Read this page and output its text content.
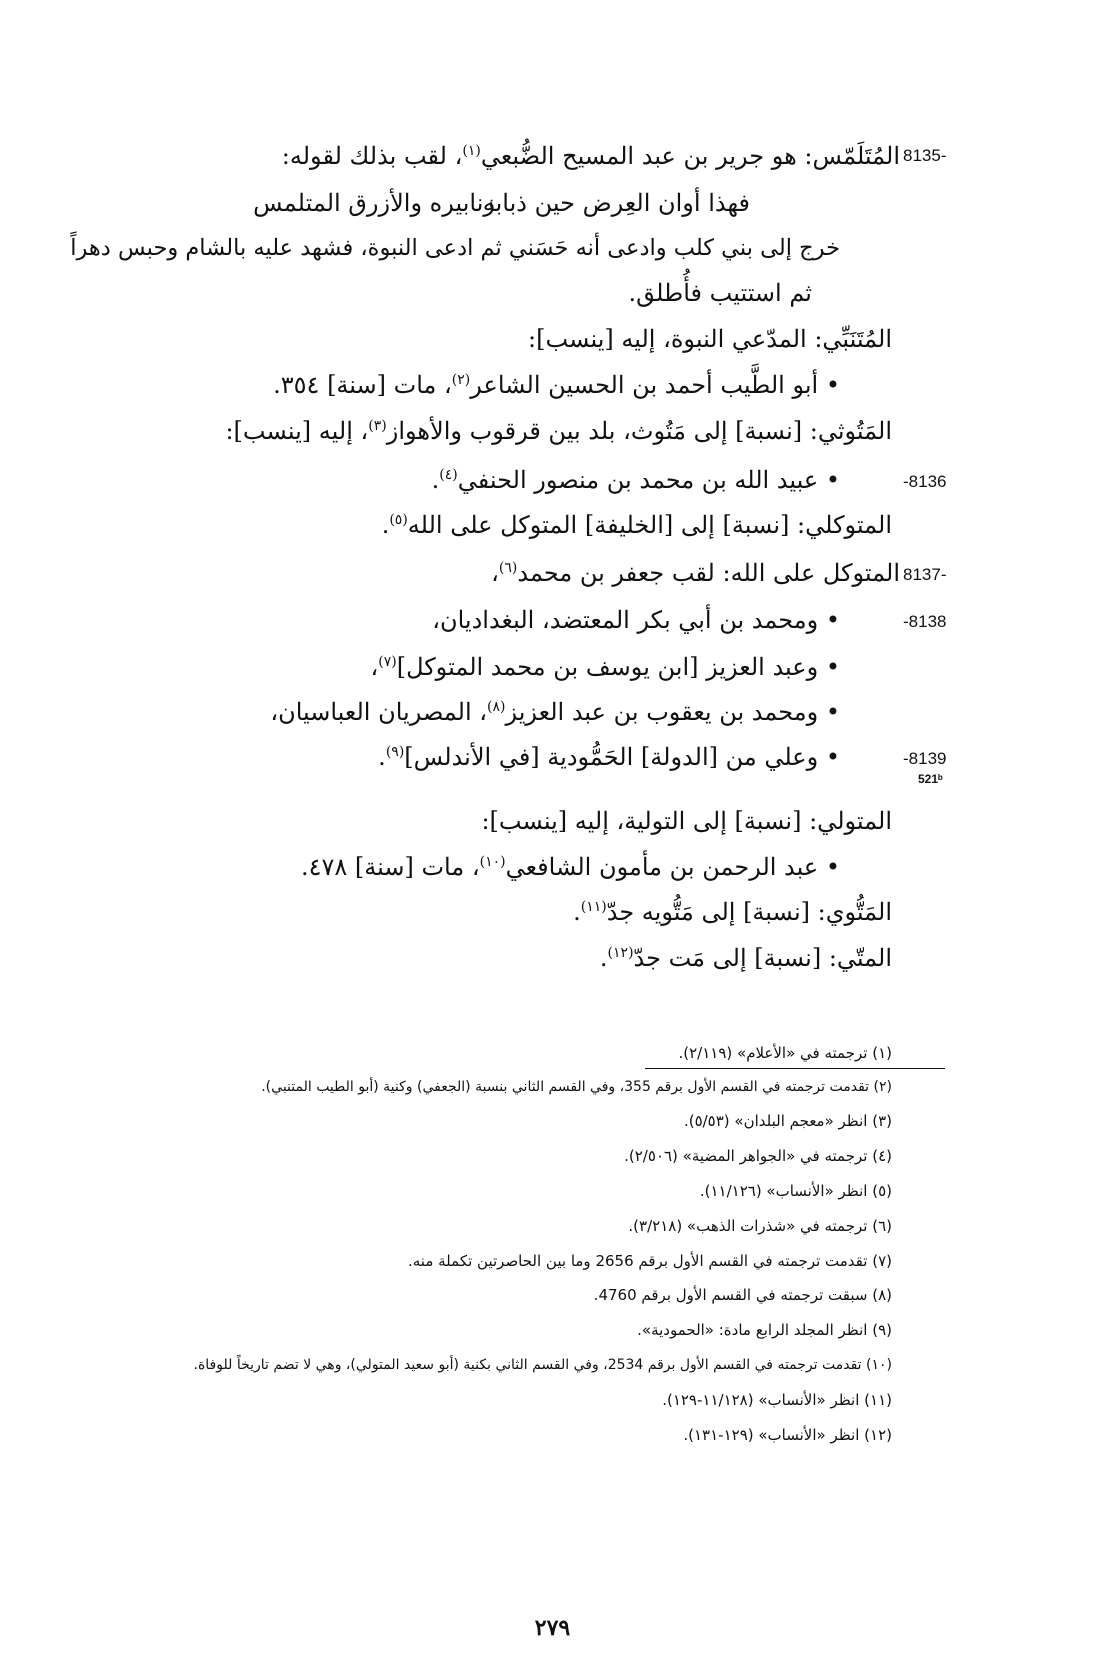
8135-
المُتَلَمّس: هو جرير بن عبد المسيح الضُّبعي$^{(١)}$، لقب بذلك لقوله:
فهذا أوان العِرض حين ذبابه
زنابيره والأزرق المتلمس
خرج إلى بني كلب وادعى أنه حَسَني ثم ادعى النبوة، فشهد عليه بالشام وحبس دهراً
ثم استتيب فأُطلق.
المُتَنَبِّي: المدّعي النبوة، إليه [ينسب]:
• أبو الطَّيب أحمد بن الحسين الشاعر$^{(٢)}$، مات [سنة] ٣٥٤.
المَتُوثي: [نسبة] إلى مَتُوث، بلد بين قرقوب والأهواز$^{(٣)}$، إليه [ينسب]:
-8136
• عبيد الله بن محمد بن منصور الحنفي$^{(٤)}$.
المتوكلي: [نسبة] إلى [الخليفة] المتوكل على الله$^{(٥)}$.
8137-
المتوكل على الله: لقب جعفر بن محمد$^{(٦)}$،
-8138
• ومحمد بن أبي بكر المعتضد، البغداديان،
• وعبد العزيز [ابن يوسف بن محمد المتوكل]$^{(٧)}$،
• ومحمد بن يعقوب بن عبد العزيز$^{(٨)}$، المصريان العباسيان،
-8139
• وعلي من [الدولة] الحَمُّودية [في الأندلس]$^{(٩)}$.
521ᵇ
المتولي: [نسبة] إلى التولية، إليه [ينسب]:
• عبد الرحمن بن مأمون الشافعي$^{(١٠)}$، مات [سنة] ٤٧٨.
المَتُّوي: [نسبة] إلى مَتُّويه جدّ$^{(١١)}$.
المتّي: [نسبة] إلى مَت جدّ$^{(١٢)}$.
(١) ترجمته في «الأعلام» (٢/١١٩).
(٢) تقدمت ترجمته في القسم الأول برقم 355، وفي القسم الثاني بنسبة (الجعفي) وكنية (أبو الطيب المتنبي).
(٣) انظر «معجم البلدان» (٥/٥٣).
(٤) ترجمته في «الجواهر المضية» (٢/٥٠٦).
(٥) انظر «الأنساب» (١١/١٢٦).
(٦) ترجمته في «شذرات الذهب» (٣/٢١٨).
(٧) تقدمت ترجمته في القسم الأول برقم 2656 وما بين الحاصرتين تكملة منه.
(٨) سبقت ترجمته في القسم الأول برقم 4760.
(٩) انظر المجلد الرابع مادة: «الحمودية».
(١٠) تقدمت ترجمته في القسم الأول برقم 2534، وفي القسم الثاني بكنية (أبو سعيد المتولي)، وهي لا تضم تاريخاً للوفاة.
(١١) انظر «الأنساب» (١١/١٢٨-١٢٩).
(١٢) انظر «الأنساب» (١٢٩-١٣١).
٢٧٩
